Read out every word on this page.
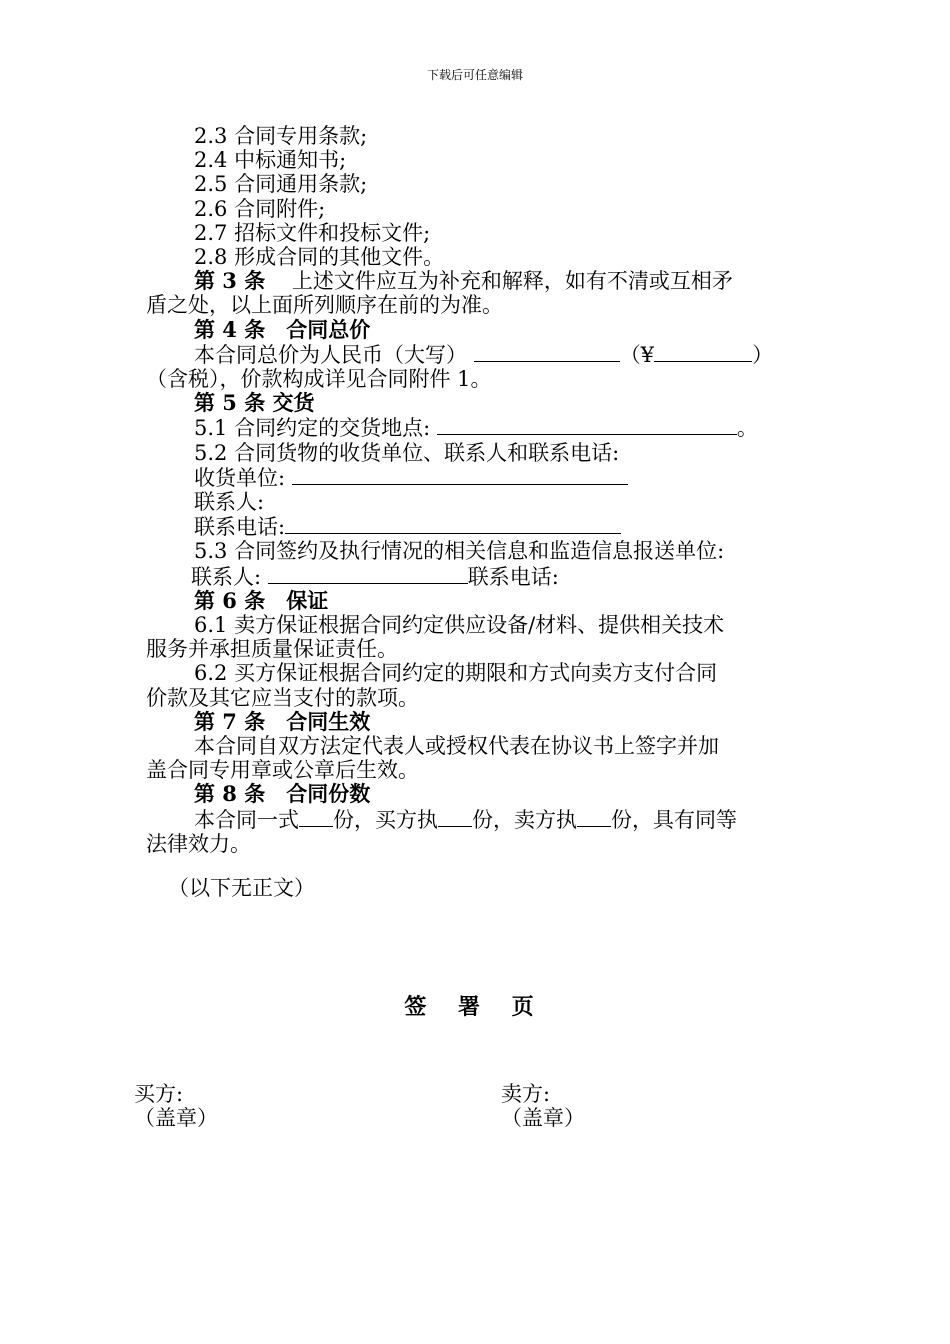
下载后可任意编辑
2.3 合同专用条款;
2.4 中标通知书;
2.5 合同通用条款;
2.6 合同附件;
2.7 招标文件和投标文件;
2.8 形成合同的其他文件。
第 3 条 上述文件应互为补充和解释，如有不清或互相矛
盾之处，以上面所列顺序在前的为准。
第 4 条　合同总价
本合同总价为人民币（大写）	（¥	）
（含税），价款构成详见合同附件 1。
第 5 条 交货
5.1 合同约定的交货地点:	。
5.2 合同货物的收货单位、联系人和联系电话:
收货单位:
联系人:
联系电话:
5.3 合同签约及执行情况的相关信息和监造信息报送单位:
联系人:	联系电话:
第 6 条　保证
6.1 卖方保证根据合同约定供应设备/材料、提供相关技术
服务并承担质量保证责任。
6.2 买方保证根据合同约定的期限和方式向卖方支付合同
价款及其它应当支付的款项。
第 7 条　合同生效
本合同自双方法定代表人或授权代表在协议书上签字并加
盖合同专用章或公章后生效。
第 8 条　合同份数
本合同一式 份，买方执 份，卖方执 份，具有同等
法律效力。
（以下无正文）
签 署 页
买方:
（盖章）
卖方:
（盖章）
